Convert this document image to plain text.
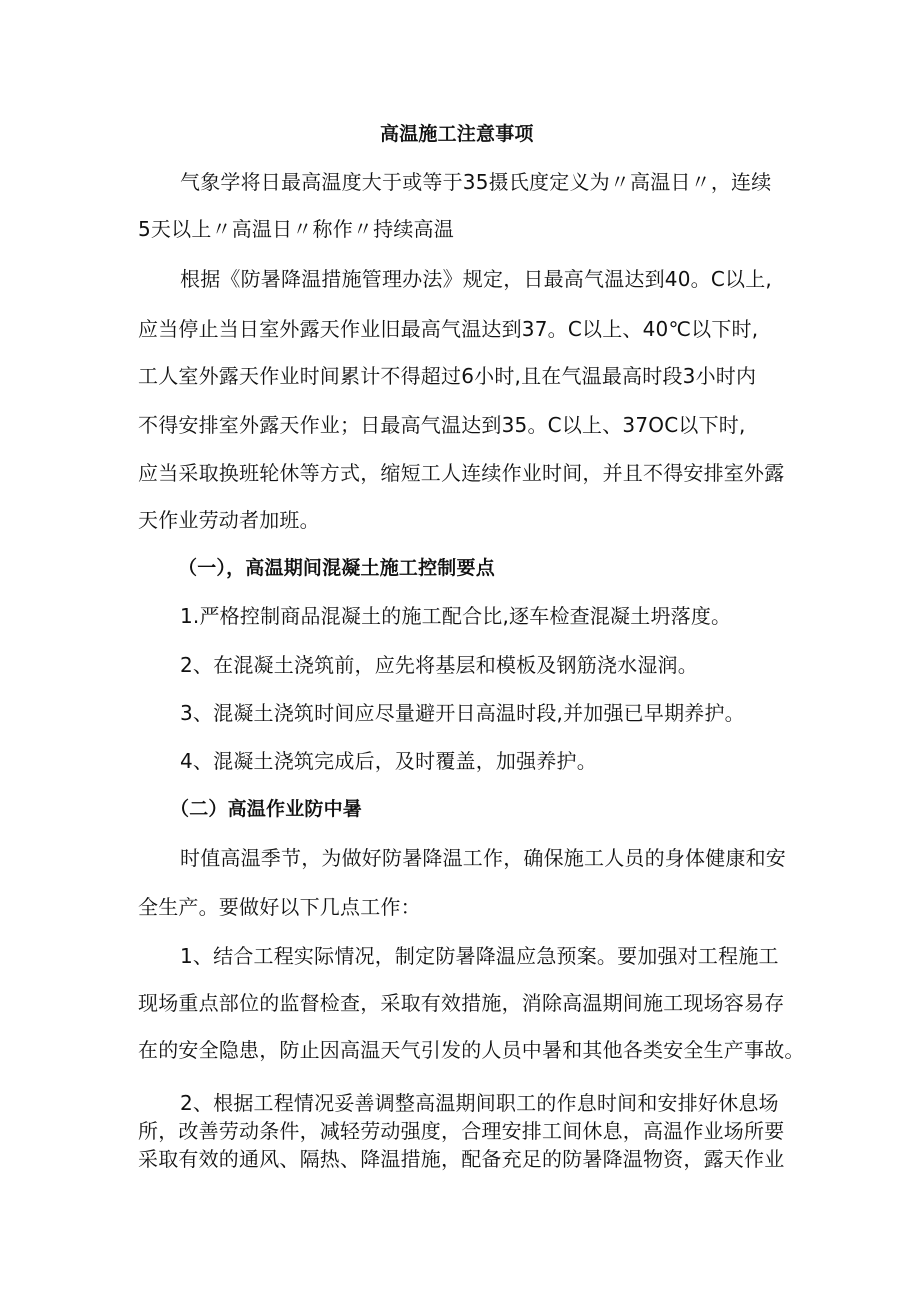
高温施工注意事项
气象学将日最高温度大于或等于35摄氏度定义为〃高温日〃，连续
5天以上〃高温日〃称作〃持续高温
根据《防暑降温措施管理办法》规定，日最高气温达到40。C以上,
应当停止当日室外露天作业旧最高气温达到37。C以上、40℃以下时,
工人室外露天作业时间累计不得超过6小时,且在气温最高时段3小时内
不得安排室外露天作业；日最高气温达到35。C以上、37OC以下时,
应当采取换班轮休等方式，缩短工人连续作业时间，并且不得安排室外露
天作业劳动者加班。
（一），高温期间混凝土施工控制要点
1.严格控制商品混凝土的施工配合比,逐车检查混凝土坍落度。
2、在混凝土浇筑前，应先将基层和模板及钢筋浇水湿润。
3、混凝土浇筑时间应尽量避开日高温时段,并加强已早期养护。
4、混凝土浇筑完成后，及时覆盖，加强养护。
（二）高温作业防中暑
时值高温季节，为做好防暑降温工作，确保施工人员的身体健康和安
全生产。要做好以下几点工作：
1、结合工程实际情况，制定防暑降温应急预案。要加强对工程施工
现场重点部位的监督检查，采取有效措施，消除高温期间施工现场容易存
在的安全隐患，防止因高温天气引发的人员中暑和其他各类安全生产事故。
2、根据工程情况妥善调整高温期间职工的作息时间和安排好休息场
所，改善劳动条件，减轻劳动强度，合理安排工间休息，高温作业场所要
采取有效的通风、隔热、降温措施，配备充足的防暑降温物资，露天作业
